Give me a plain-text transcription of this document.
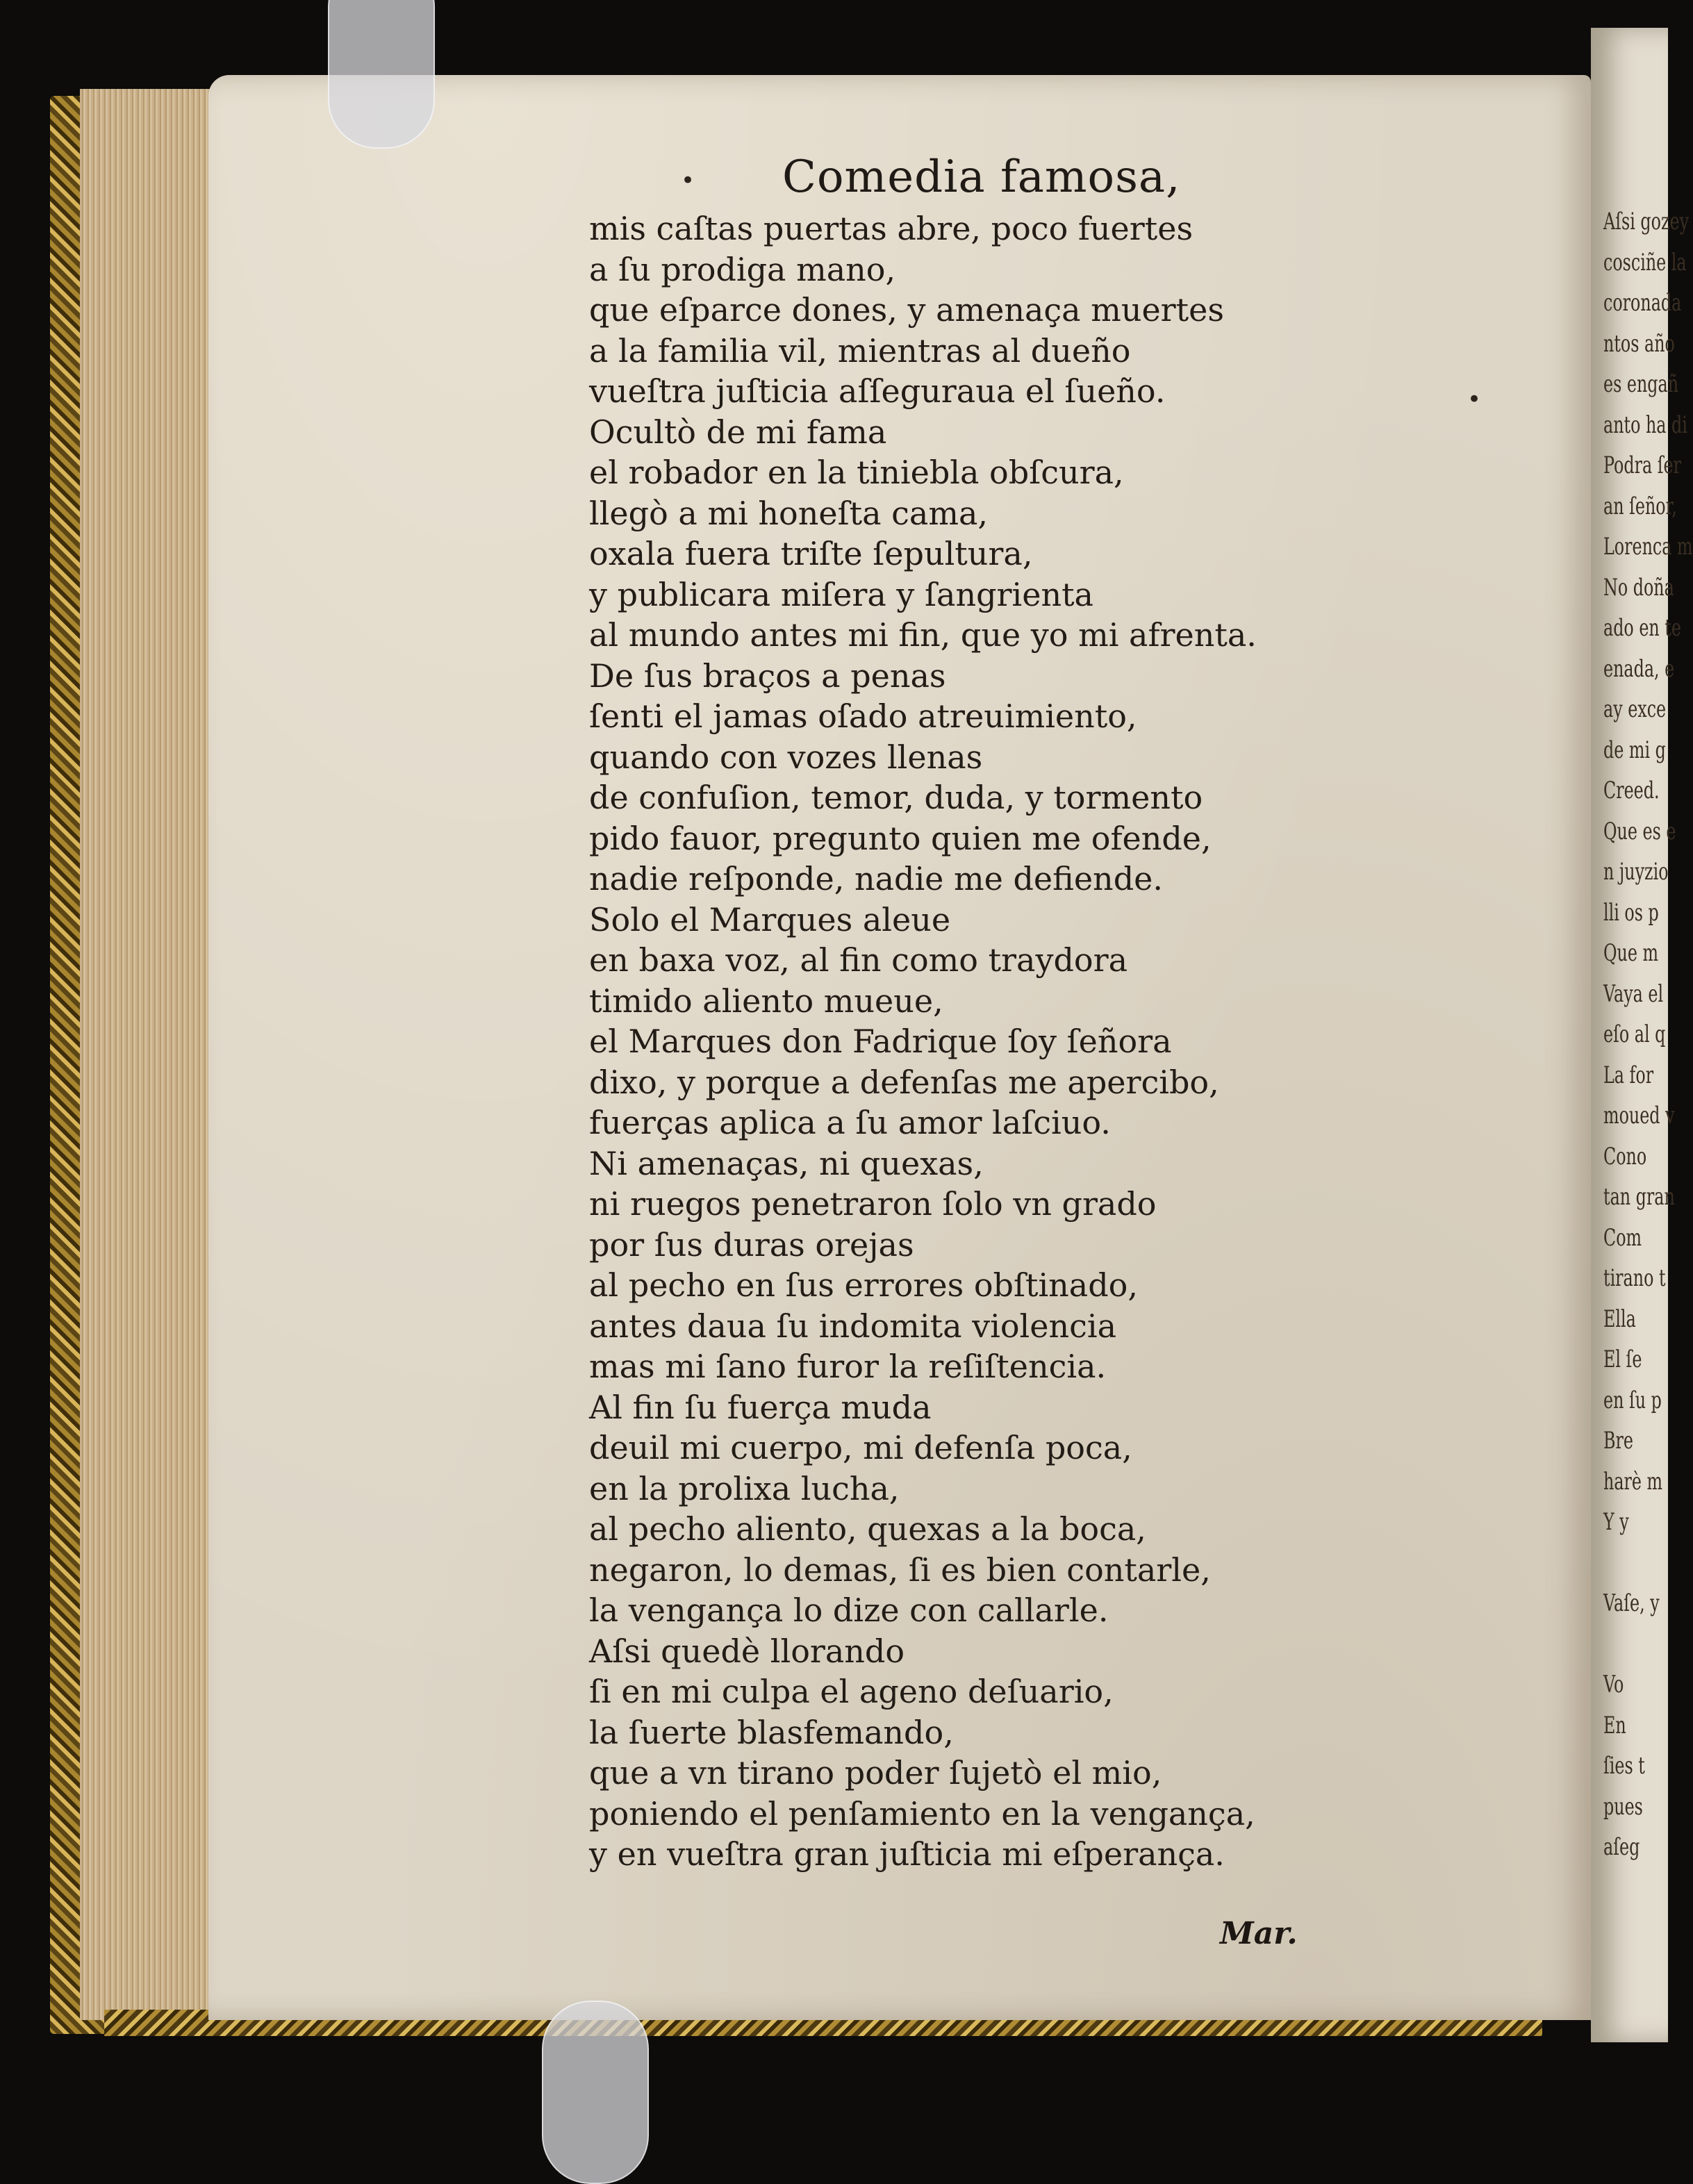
Aſsi gozey
cosciñe la
coronada
ntos año
es engañ
anto ha di
Podra ſer
an ſeñor,
Lorenca m
No doña
ado en te
enada, e
ay exce
de mi g
Creed.
Que es e
n juyzio
lli os p
Que m
Vaya el
eſo al q
La for
moued v
Cono
tan gran
Com
tirano t
Ella
El ſe
en ſu p
Bre
harè m
Y y
Vaſe, y
Vo
En
ſies t
pues
aſeg
Comedia famosa,
mis caſtas puertas abre, poco fuertes
a ſu prodiga mano,
que eſparce dones, y amenaça muertes
a la familia vil, mientras al dueño
vueſtra juſticia aſſeguraua el ſueño.
Ocultò de mi fama
el robador en la tiniebla obſcura,
llegò a mi honeſta cama,
oxala fuera triſte ſepultura,
y publicara miſera y ſangrienta
al mundo antes mi fin, que yo mi afrenta.
De ſus braços a penas
ſenti el jamas oſado atreuimiento,
quando con vozes llenas
de confuſion, temor, duda, y tormento
pido fauor, pregunto quien me ofende,
nadie reſponde, nadie me defiende.
Solo el Marques aleue
en baxa voz, al fin como traydora
timido aliento mueue,
el Marques don Fadrique ſoy ſeñora
dixo, y porque a defenſas me apercibo,
fuerças aplica a ſu amor laſciuo.
Ni amenaças, ni quexas,
ni ruegos penetraron ſolo vn grado
por ſus duras orejas
al pecho en ſus errores obſtinado,
antes daua ſu indomita violencia
mas mi ſano furor la reſiſtencia.
Al fin ſu fuerça muda
deuil mi cuerpo, mi defenſa poca,
en la prolixa lucha,
al pecho aliento, quexas a la boca,
negaron, lo demas, ſi es bien contarle,
la vengança lo dize con callarle.
Aſsi quedè llorando
ſi en mi culpa el ageno deſuario,
la ſuerte blasfemando,
que a vn tirano poder ſujetò el mio,
poniendo el penſamiento en la vengança,
y en vueſtra gran juſticia mi eſperança.
Mar.
•
•
